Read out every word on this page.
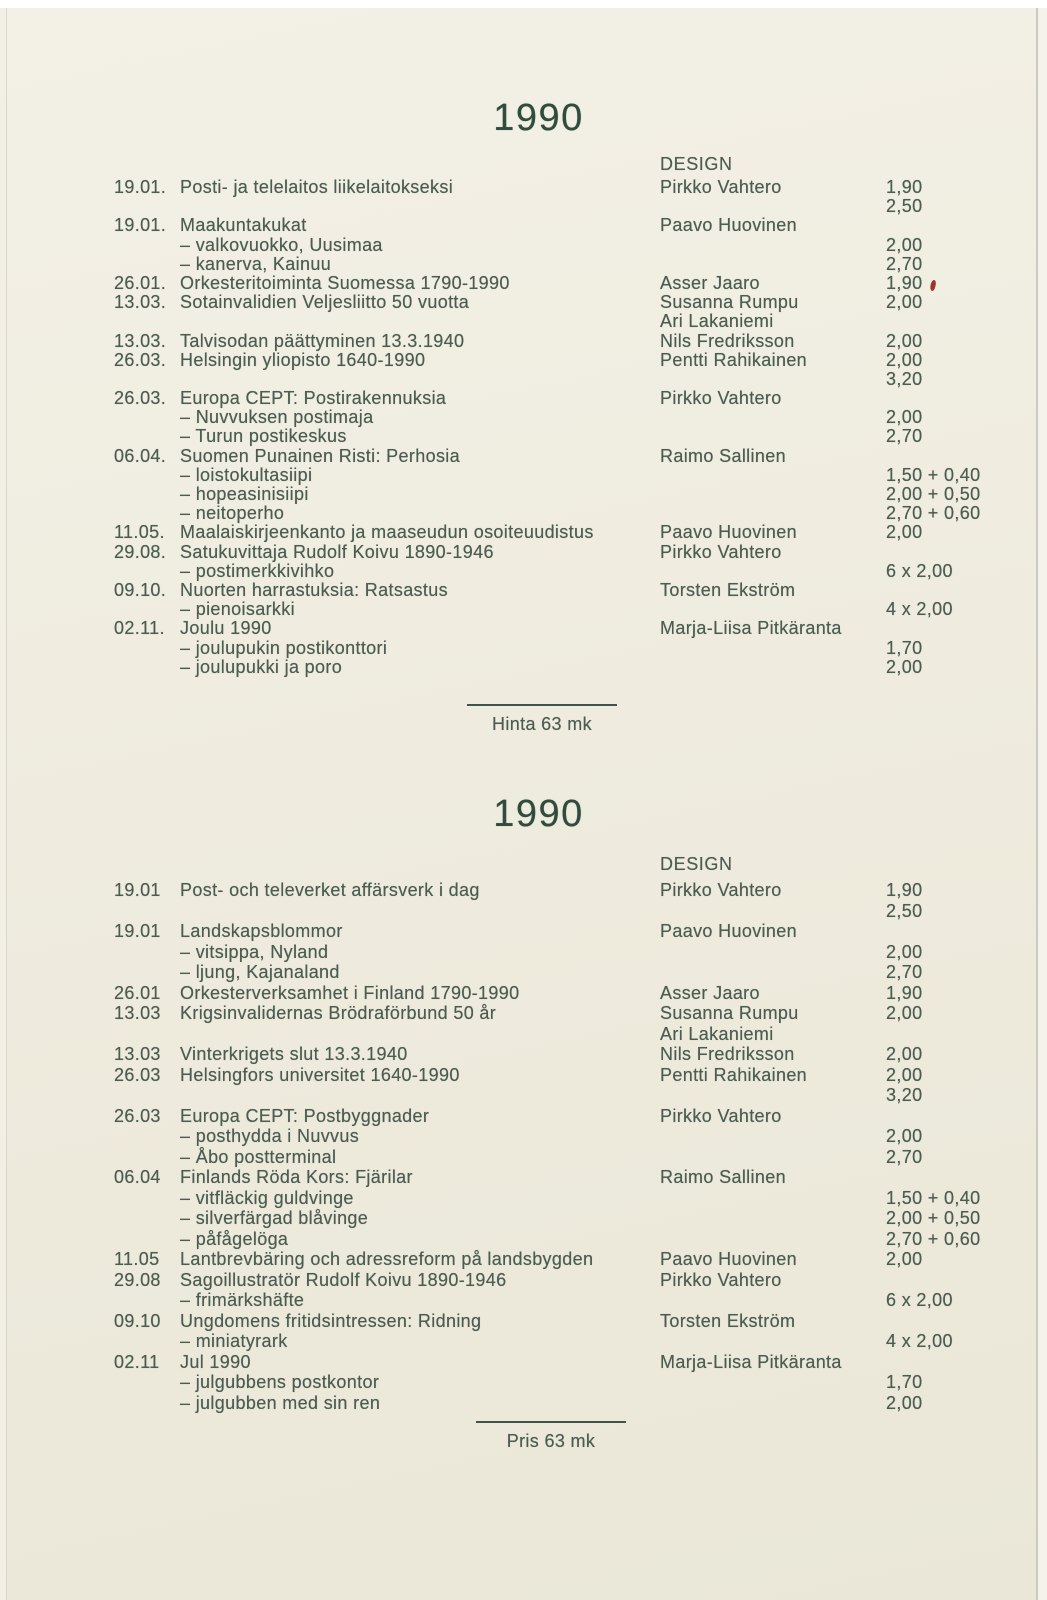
1990
DESIGN
19.01. Posti- ja telelaitos liikelaitokseksi	Pirkko Vahtero	1,90
2,50
19.01. Maakuntakukat	Paavo Huovinen
– valkovuokko, Uusimaa	2,00
– kanerva, Kainuu	2,70
26.01. Orkesteritoiminta Suomessa 1790-1990	Asser Jaaro	1,90
13.03. Sotainvalidien Veljesliitto 50 vuotta	Susanna Rumpu	2,00
Ari Lakaniemi
13.03. Talvisodan päättyminen 13.3.1940	Nils Fredriksson	2,00
26.03. Helsingin yliopisto 1640-1990	Pentti Rahikainen	2,00
3,20
26.03. Europa CEPT: Postirakennuksia	Pirkko Vahtero
– Nuvvuksen postimaja	2,00
– Turun postikeskus	2,70
06.04. Suomen Punainen Risti: Perhosia	Raimo Sallinen
– loistokultasiipi	1,50 + 0,40
– hopeasinisiipi	2,00 + 0,50
– neitoperho	2,70 + 0,60
11.05. Maalaiskirjeenkanto ja maaseudun osoiteuudistus	Paavo Huovinen	2,00
29.08. Satukuvittaja Rudolf Koivu 1890-1946	Pirkko Vahtero
– postimerkkivihko	6 x 2,00
09.10. Nuorten harrastuksia: Ratsastus	Torsten Ekström
– pienoisarkki	4 x 2,00
02.11. Joulu 1990	Marja-Liisa Pitkäranta
– joulupukin postikonttori	1,70
– joulupukki ja poro	2,00
Hinta 63 mk
1990
DESIGN
19.01	Post- och televerket affärsverk i dag	Pirkko Vahtero	1,90
2,50
19.01	Landskapsblommor	Paavo Huovinen
– vitsippa, Nyland	2,00
– ljung, Kajanaland	2,70
26.01	Orkesterverksamhet i Finland 1790-1990	Asser Jaaro	1,90
13.03	Krigsinvalidernas Brödraförbund 50 år	Susanna Rumpu	2,00
Ari Lakaniemi
13.03	Vinterkrigets slut 13.3.1940	Nils Fredriksson	2,00
26.03	Helsingfors universitet 1640-1990	Pentti Rahikainen	2,00
3,20
26.03	Europa CEPT: Postbyggnader	Pirkko Vahtero
– posthydda i Nuvvus	2,00
– Åbo postterminal	2,70
06.04	Finlands Röda Kors: Fjärilar	Raimo Sallinen
– vitfläckig guldvinge	1,50 + 0,40
– silverfärgad blåvinge	2,00 + 0,50
– påfågelöga	2,70 + 0,60
11.05	Lantbrevbäring och adressreform på landsbygden	Paavo Huovinen	2,00
29.08	Sagoillustratör Rudolf Koivu 1890-1946	Pirkko Vahtero
– frimärkshäfte	6 x 2,00
09.10	Ungdomens fritidsintressen: Ridning	Torsten Ekström
– miniatyrark	4 x 2,00
02.11	Jul 1990	Marja-Liisa Pitkäranta
– julgubbens postkontor	1,70
– julgubben med sin ren	2,00
Pris 63 mk
